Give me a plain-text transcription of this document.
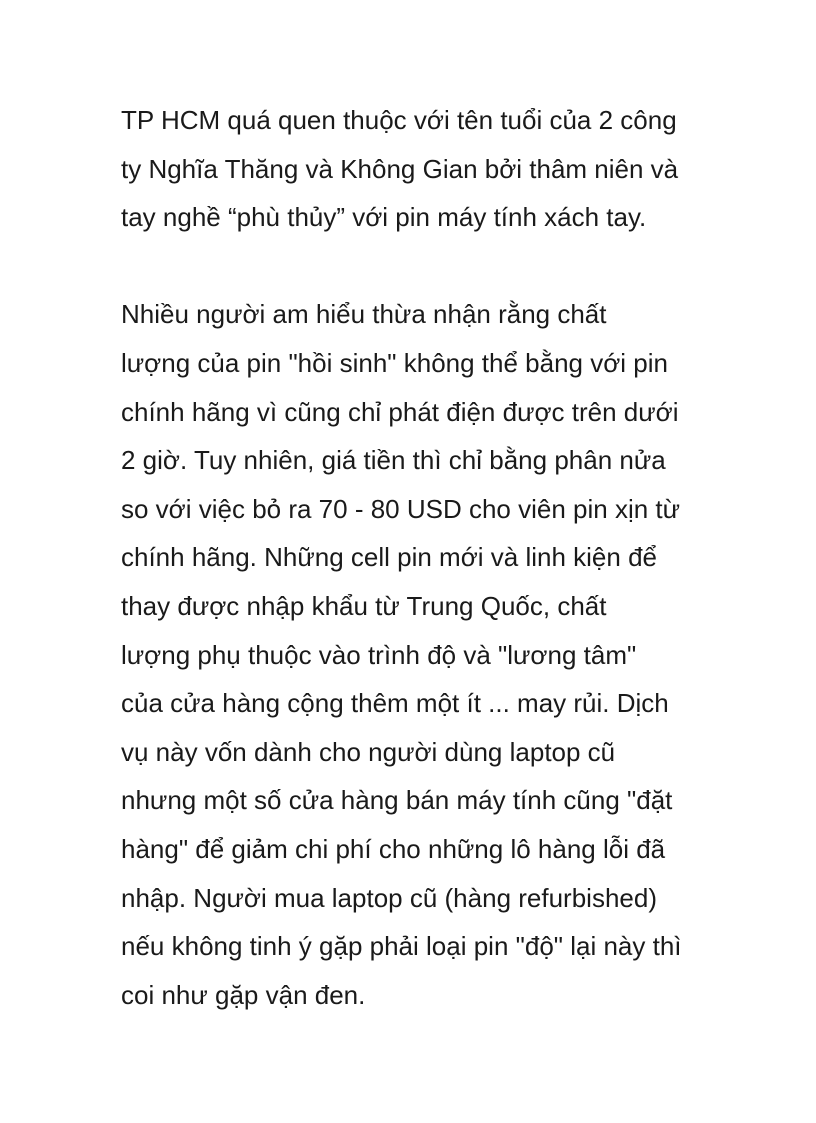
TP HCM quá quen thuộc với tên tuổi của 2 công
ty Nghĩa Thăng và Không Gian bởi thâm niên và
tay nghề “phù thủy” với pin máy tính xách tay.
Nhiều người am hiểu thừa nhận rằng chất
lượng của pin "hồi sinh" không thể bằng với pin
chính hãng vì cũng chỉ phát điện được trên dưới
2 giờ. Tuy nhiên, giá tiền thì chỉ bằng phân nửa
so với việc bỏ ra 70 - 80 USD cho viên pin xịn từ
chính hãng. Những cell pin mới và linh kiện để
thay được nhập khẩu từ Trung Quốc, chất
lượng phụ thuộc vào trình độ và "lương tâm"
của cửa hàng cộng thêm một ít ... may rủi. Dịch
vụ này vốn dành cho người dùng laptop cũ
nhưng một số cửa hàng bán máy tính cũng "đặt
hàng" để giảm chi phí cho những lô hàng lỗi đã
nhập. Người mua laptop cũ (hàng refurbished)
nếu không tinh ý gặp phải loại pin "độ" lại này thì
coi như gặp vận đen.
